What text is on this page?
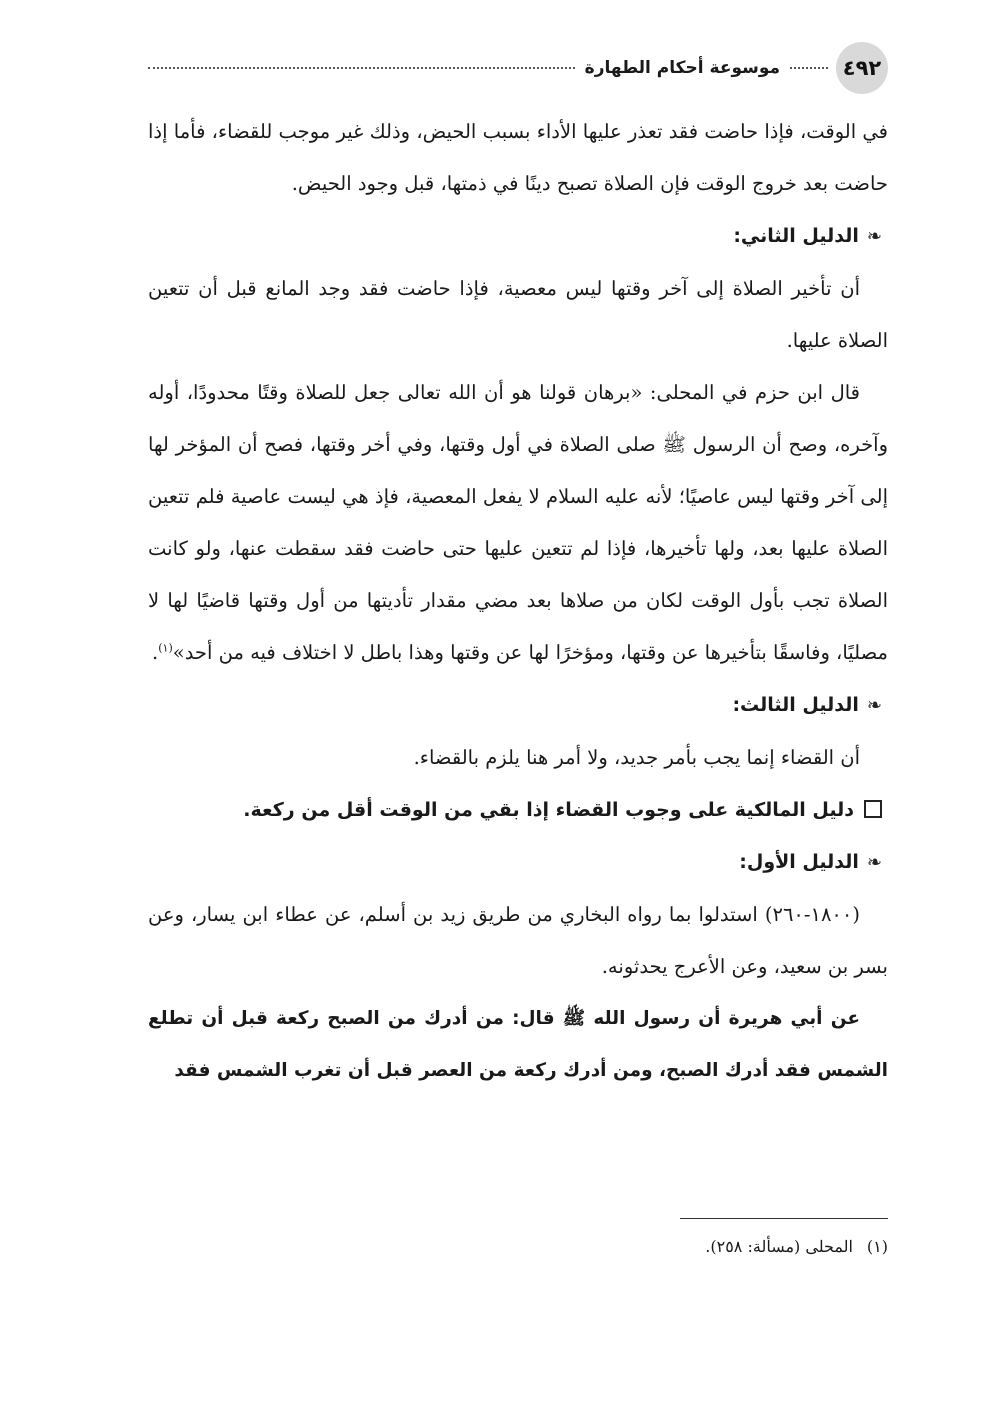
٤٩٢
موسوعة أحكام الطهارة

في الوقت، فإذا حاضت فقد تعذر عليها الأداء بسبب الحيض، وذلك غير موجب للقضاء، فأما إذا حاضت بعد خروج الوقت فإن الصلاة تصبح دينًا في ذمتها، قبل وجود الحيض.

❧الدليل الثاني:

أن تأخير الصلاة إلى آخر وقتها ليس معصية، فإذا حاضت فقد وجد المانع قبل أن تتعين الصلاة عليها.

قال ابن حزم في المحلى: «برهان قولنا هو أن الله تعالى جعل للصلاة وقتًا محدودًا، أوله وآخره، وصح أن الرسول ﷺ صلى الصلاة في أول وقتها، وفي أخر وقتها، فصح أن المؤخر لها إلى آخر وقتها ليس عاصيًا؛ لأنه عليه السلام لا يفعل المعصية، فإذ هي ليست عاصية فلم تتعين الصلاة عليها بعد، ولها تأخيرها، فإذا لم تتعين عليها حتى حاضت فقد سقطت عنها، ولو كانت الصلاة تجب بأول الوقت لكان من صلاها بعد مضي مقدار تأديتها من أول وقتها قاضيًا لها لا مصليًا، وفاسقًا بتأخيرها عن وقتها، ومؤخرًا لها عن وقتها وهذا باطل لا اختلاف فيه من أحد»$^{(١)}$.

❧الدليل الثالث:

أن القضاء إنما يجب بأمر جديد، ولا أمر هنا يلزم بالقضاء.

دليل المالكية على وجوب القضاء إذا بقي من الوقت أقل من ركعة.

❧الدليل الأول:

(١٨٠٠-٢٦٠) استدلوا بما رواه البخاري من طريق زيد بن أسلم، عن عطاء ابن يسار، وعن بسر بن سعيد، وعن الأعرج يحدثونه.

عن أبي هريرة أن رسول الله ﷺ قال: من أدرك من الصبح ركعة قبل أن تطلع الشمس فقد أدرك الصبح، ومن أدرك ركعة من العصر قبل أن تغرب الشمس فقد

(١)المحلى (مسألة: ٢٥٨).
